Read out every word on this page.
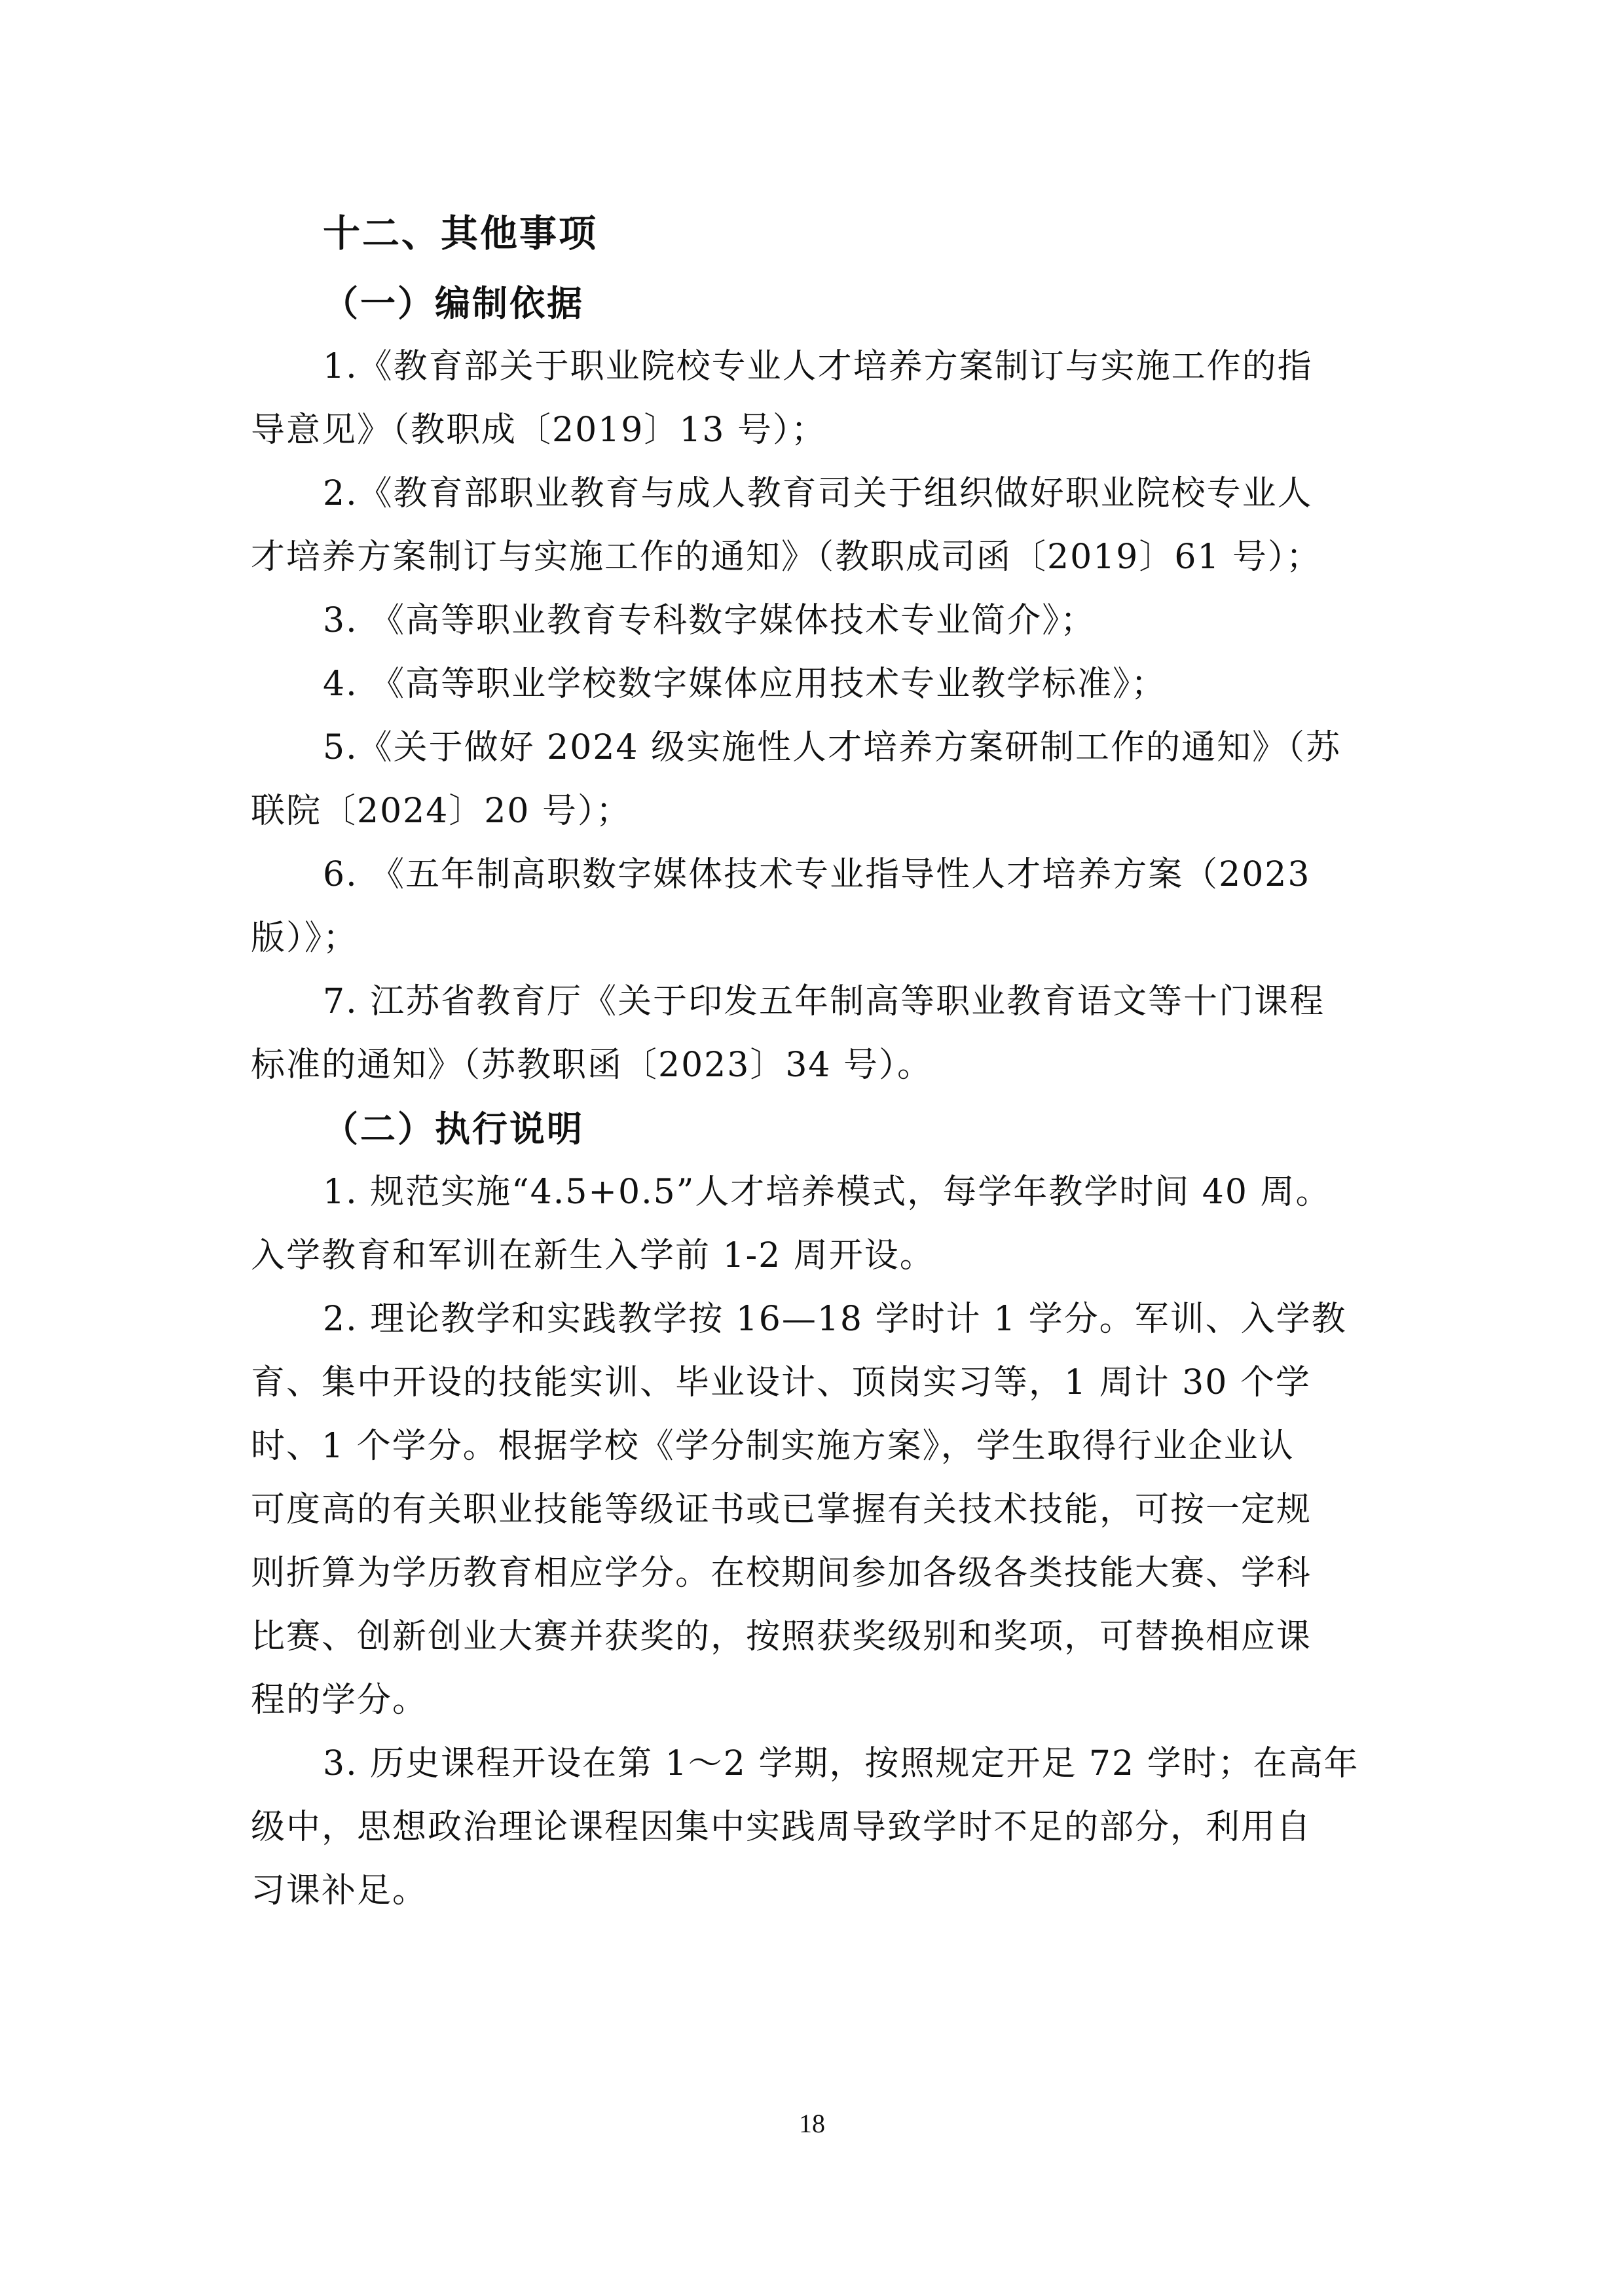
十二、其他事项
（一）编制依据
1.《教育部关于职业院校专业人才培养方案制订与实施工作的指
导意见》（教职成〔2019〕13 号）；
2.《教育部职业教育与成人教育司关于组织做好职业院校专业人
才培养方案制订与实施工作的通知》（教职成司函〔2019〕61 号）；
3. 《高等职业教育专科数字媒体技术专业简介》；
4. 《高等职业学校数字媒体应用技术专业教学标准》；
5.《关于做好 2024 级实施性人才培养方案研制工作的通知》（苏
联院〔2024〕20 号）；
6. 《五年制高职数字媒体技术专业指导性人才培养方案（2023
版）》；
7. 江苏省教育厅《关于印发五年制高等职业教育语文等十门课程
标准的通知》（苏教职函〔2023〕34 号）。
（二）执行说明
1. 规范实施“4.5+0.5”人才培养模式，每学年教学时间 40 周。
入学教育和军训在新生入学前 1-2 周开设。
2. 理论教学和实践教学按 16—18 学时计 1 学分。军训、入学教
育、集中开设的技能实训、毕业设计、顶岗实习等，1 周计 30 个学
时、1 个学分。根据学校《学分制实施方案》，学生取得行业企业认
可度高的有关职业技能等级证书或已掌握有关技术技能，可按一定规
则折算为学历教育相应学分。在校期间参加各级各类技能大赛、学科
比赛、创新创业大赛并获奖的，按照获奖级别和奖项，可替换相应课
程的学分。
3. 历史课程开设在第 1～2 学期，按照规定开足 72 学时；在高年
级中，思想政治理论课程因集中实践周导致学时不足的部分，利用自
习课补足。
18
